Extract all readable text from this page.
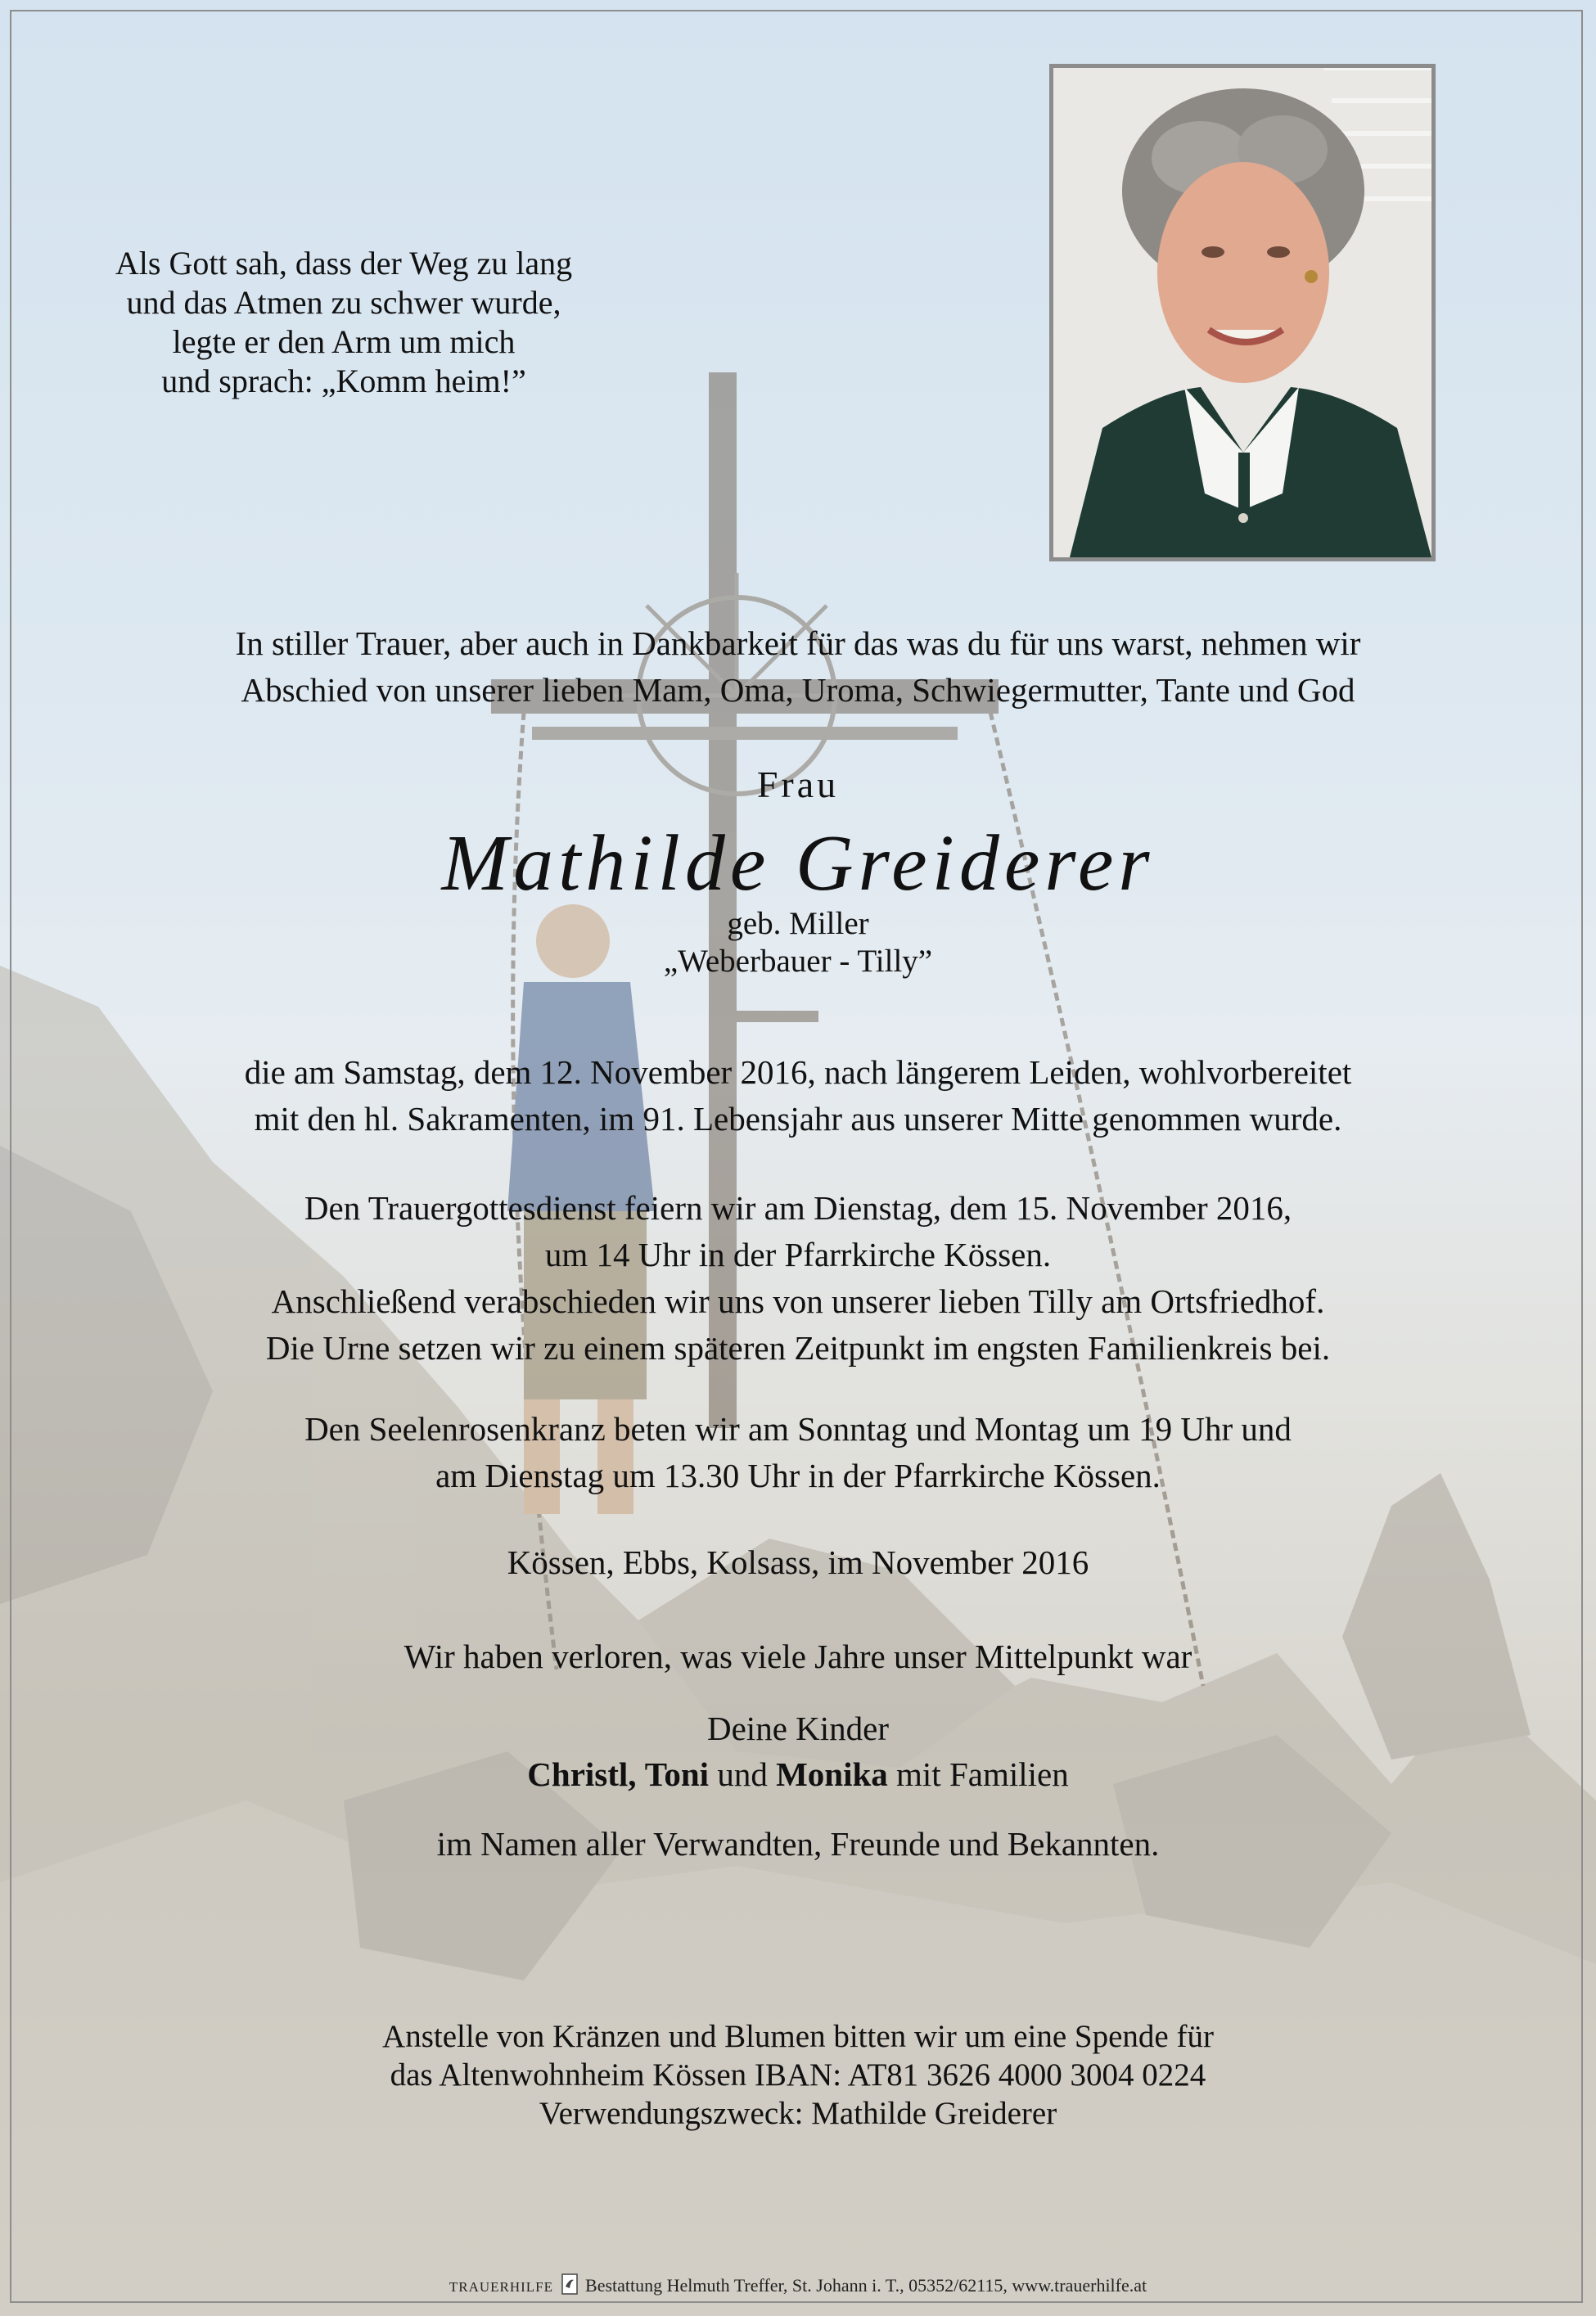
Als Gott sah, dass der Weg zu lang
und das Atmen zu schwer wurde,
legte er den Arm um mich
und sprach: „Komm heim!”
In stiller Trauer, aber auch in Dankbarkeit für das was du für uns warst, nehmen wir
Abschied von unserer lieben Mam, Oma, Uroma, Schwiegermutter, Tante und God
Frau
Mathilde Greiderer
geb. Miller
„Weberbauer - Tilly”
die am Samstag, dem 12. November 2016, nach längerem Leiden, wohlvorbereitet
mit den hl. Sakramenten, im 91. Lebensjahr aus unserer Mitte genommen wurde.
Den Trauergottesdienst feiern wir am Dienstag, dem 15. November 2016,
um 14 Uhr in der Pfarrkirche Kössen.
Anschließend verabschieden wir uns von unserer lieben Tilly am Ortsfriedhof.
Die Urne setzen wir zu einem späteren Zeitpunkt im engsten Familienkreis bei.
Den Seelenrosenkranz beten wir am Sonntag und Montag um 19 Uhr und
am Dienstag um 13.30 Uhr in der Pfarrkirche Kössen.
Kössen, Ebbs, Kolsass, im November 2016
Wir haben verloren, was viele Jahre unser Mittelpunkt war
Deine Kinder
Christl, Toni und Monika mit Familien
im Namen aller Verwandten, Freunde und Bekannten.
Anstelle von Kränzen und Blumen bitten wir um eine Spende für
das Altenwohnheim Kössen IBAN: AT81 3626 4000 3004 0224
Verwendungszweck: Mathilde Greiderer
TRAUERHILFE Bestattung Helmuth Treffer, St. Johann i. T., 05352/62115, www.trauerhilfe.at
